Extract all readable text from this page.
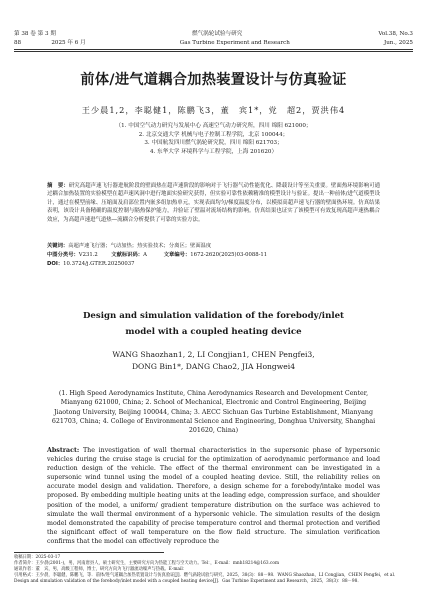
第 38 卷 第 3 期	燃气涡轮试验与研究	Vol.38, No.3
88	2025 年 6 月	Gas Turbine Experiment and Research	Jun., 2025
前体/进气道耦合加热装置设计与仿真验证
王少晨1,2，李聪健1，陈鹏飞3，董　宾1*，党　超2，贾洪伟4
（1. 中国空气动力研究与发展中心 高速空气动力研究所，四川 绵阳 621000；
2. 北京交通大学 机械与电子控制工程学院，北京 100044；
3. 中国航发四川燃气涡轮研究院，四川 绵阳 621703；
4. 东华大学 环境科学与工程学院，上海 201620）
摘　要：研究高超声速飞行器进航阶段的壁面热在超声速阶段的影响对于飞行器气动性能优化、降载设计等至关重要。壁面热环境影响可通过耦合加热装置的实验模型在超声速风洞中进行地面实验研究获得，但实验可靠性依赖精准的模型设计与验证。提出一种前体/进气道模型设计，通过在模型前缘、压缩面及肩部位置内嵌多组加热单元，实现表面均匀/梯度温度分布，以模拟高超声速飞行器的壁面热环境。仿真结果表明，该设计具备精确的温度控制与隔热保护能力，并验证了壁温对流场结构的影响。仿真结果也证实了该模型可有效复现高超声速热耦合效应，为高超声速进气道热—流耦合分析提供了可靠的实验方法。
关键词：高超声速飞行器；气动加热；热实验技术；分离区；壁面温度
中图分类号：V231.2	文献标识码：A	文章编号：1672-2620(2025)03-0088-11
DOI：10.3724/j.GTER.20250037
Design and simulation validation of the forebody/inlet
model with a coupled heating device
WANG Shaozhan1, 2, LI Congjian1, CHEN Pengfei3,
DONG Bin1*, DANG Chao2, JIA Hongwei4
(1. High Speed Aerodynamics Institute, China Aerodynamics Research and Development Center, Mianyang 621000, China; 2. School of Mechanical, Electronic and Control Engineering, Beijing Jiaotong University, Beijing 100044, China; 3. AECC Sichuan Gas Turbine Establishment, Mianyang 621703, China; 4. College of Environmental Science and Engineering, Donghua University, Shanghai 201620, China)
Abstract: The investigation of wall thermal characteristics in the supersonic phase of hypersonic vehicles during the cruise stage is crucial for the optimization of aerodynamic performance and load reduction design of the vehicle. The effect of the thermal environment can be investigated in a supersonic wind tunnel using the model of a coupled heating device. Still, the reliability relies on accurate model design and validation. Therefore, a design scheme for a forebody/intake model was proposed. By embedding multiple heating units at the leading edge, compression surface, and shoulder position of the model, a uniform/ gradient temperature distribution on the surface was achieved to simulate the wall thermal environment of a hypersonic vehicle. The simulation results of the design model demonstrated the capability of precise temperature control and thermal protection and verified the significant effect of wall temperature on the flow field structure. The simulation verification confirms that the model can effectively reproduce the
收稿日期：2025-03-17
作者简介：王少晨(2001-)，男，河南唐县人，硕士研究生，主要研究方向为热能工程与空天动力。Tel：，E-mail：mnh18214@163.com
通讯作者：董　宾，男，高级工程师，博士，研究方向为飞行器流动噪声与热载。E-mail：
引用格式：王少晨，李聪健，陈鹏飞，等．前体/进气道耦合加热装置设计与仿真验证[J]．燃气涡轮试验与研究，2025，38(3)：88－98．WANG Shaozhan，LI Congjian，CHEN Pengfei，et al．Design and simulation validation of the forebody/inlet model with a coupled heating device[J]．Gas Turbine Experiment and Research，2025，38(3)：88－98．
